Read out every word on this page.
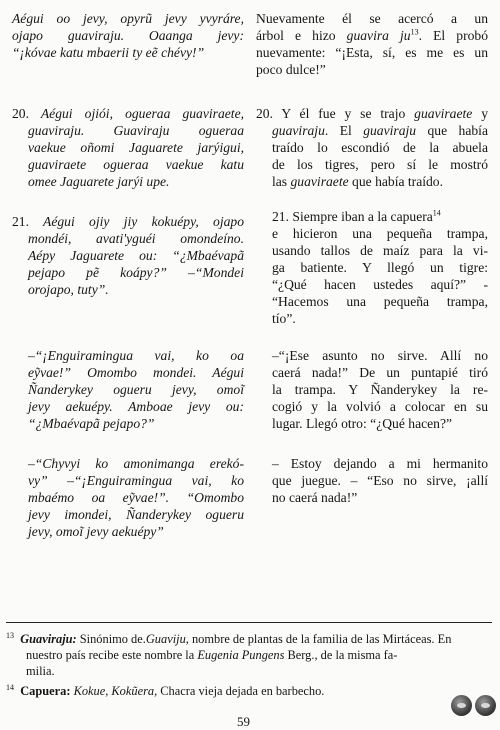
Aégui oo jevy, opyrũ jevy yvyráre,
ojapo guaviraju. Oaanga jevy:
“¡kóvae katu mbaerii ty eẽ chévy!”
Nuevamente él se acercó a un
árbol e hizo guavira $ju^{13}$. El probó
nuevamente: “¡Esta, sí, es me es un
poco dulce!”
20. Aégui ojiói, ogueraa guaviraete,
guaviraju. Guaviraju ogueraa
vaekue oñomi Jaguarete jarýigui,
guaviraete ogueraa vaekue katu
omee Jaguarete jarýi upe.
20. Y él fue y se trajo guaviraete y
guaviraju. El guaviraju que había
traído lo escondió de la abuela
de los tigres, pero sí le mostró
las guaviraete que había traído.
21. Aégui ojiy jiy kokuépy, ojapo
mondéi, avati'yguéi omondeíno.
Aépy Jaguarete ou: “¿Mbaévapã
pejapo pẽ koápy?” –“Mondei
orojapo, tuty”.
21. Siempre iban a la capuera$^{14}$
e hicieron una pequeña trampa,
usando tallos de maíz para la vi-
ga batiente. Y llegó un tigre:
“¿Qué hacen ustedes aquí?” -
“Hacemos una pequeña trampa,
tío”.
–“¡Enguiramingua vai, ko oa
eỹvae!” Omombo mondei. Aégui
Ñanderykey ogueru jevy, omoĩ
jevy aekuépy. Amboae jevy ou:
“¿Mbaévapã pejapo?”
–“¡Ese asunto no sirve. Allí no
caerá nada!” De un puntapié tiró
la trampa. Y Ñanderykey la re-
cogió y la volvió a colocar en su
lugar. Llegó otro: “¿Qué hacen?”
–“Chyvyi ko amonimanga erekó-
vy” –“¡Enguiramingua vai, ko
mbaémo oa eỹvae!”. “Omombo
jevy imondei, Ñanderykey ogueru
jevy, omoĩ jevy aekuépy”
– Estoy dejando a mi hermanito
que juegue. – “Eso no sirve, ¡allí
no caerá nada!”
$^{13}$ Guaviraju: Sinónimo de.Guaviju, nombre de plantas de la familia de las Mirtáceas. En
nuestro país recibe este nombre la Eugenia Pungens Berg., de la misma fa-
milia.
$^{14}$ Capuera: Kokue, Kokũera, Chacra vieja dejada en barbecho.
59
